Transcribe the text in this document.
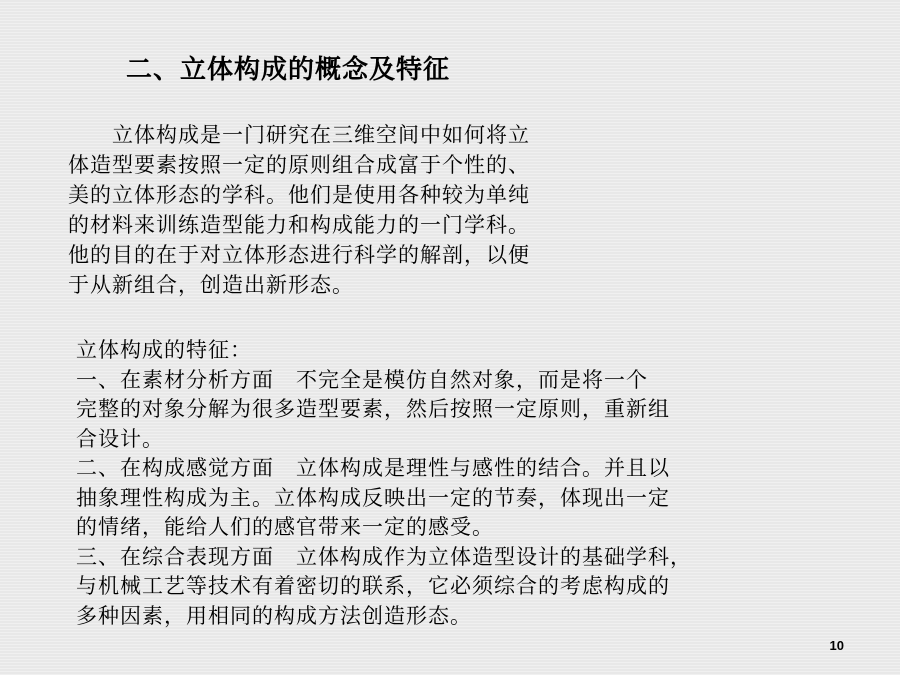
二、立体构成的概念及特征
　　立体构成是一门研究在三维空间中如何将立
体造型要素按照一定的原则组合成富于个性的、
美的立体形态的学科。他们是使用各种较为单纯
的材料来训练造型能力和构成能力的一门学科。
他的目的在于对立体形态进行科学的解剖，以便
于从新组合，创造出新形态。
立体构成的特征：
一、在素材分析方面　不完全是模仿自然对象，而是将一个
完整的对象分解为很多造型要素，然后按照一定原则，重新组
合设计。
二、在构成感觉方面　立体构成是理性与感性的结合。并且以
抽象理性构成为主。立体构成反映出一定的节奏，体现出一定
的情绪，能给人们的感官带来一定的感受。
三、在综合表现方面　立体构成作为立体造型设计的基础学科，
与机械工艺等技术有着密切的联系，它必须综合的考虑构成的
多种因素，用相同的构成方法创造形态。
10
